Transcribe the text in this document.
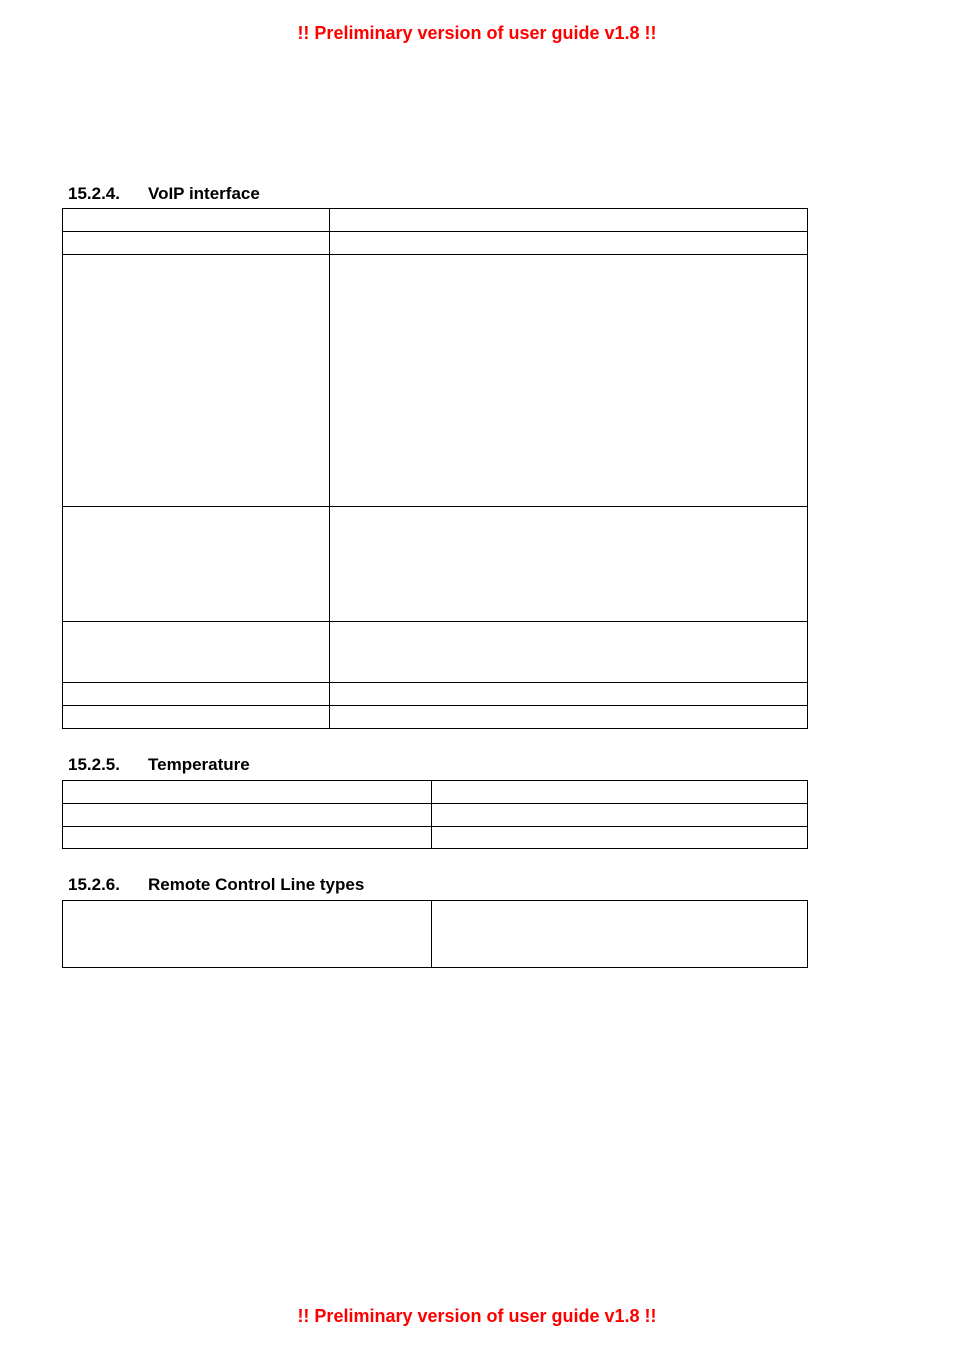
!! Preliminary version of user guide v1.8 !!
15.2.4. VoIP interface

15.2.5. Temperature

15.2.6. Remote Control Line types

!! Preliminary version of user guide v1.8 !!
